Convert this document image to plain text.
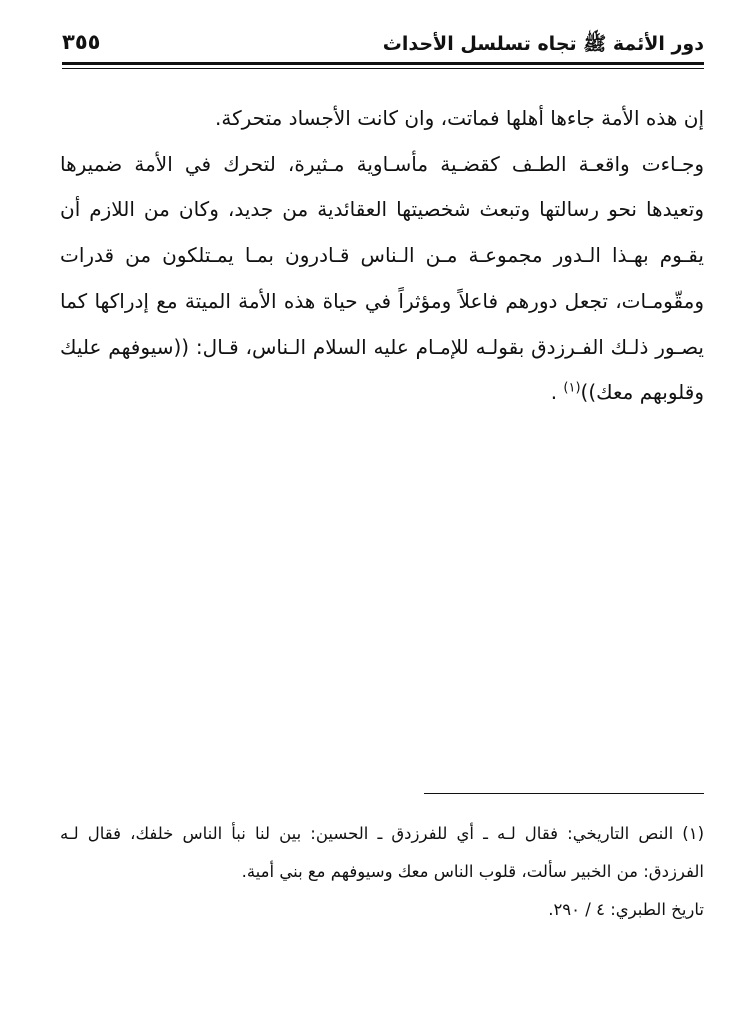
٣٥٥	دور الأئمة ﷺ تجاه تسلسل الأحداث

إن هذه الأمة جاءها أهلها فماتت، وان كانت الأجساد متحركة.

وجـاءت واقعـة الطـف كقضـية مأسـاوية مـثيرة، لتحرك في الأمة ضميرها وتعيدها نحو رسالتها وتبعث شخصيتها العقائدية من جديد، وكان من اللازم أن يقـوم بهـذا الـدور مجموعـة مـن الـناس قـادرون بمـا يمـتلكون من قدرات ومقّومـات، تجعل دورهم فاعلاً ومؤثراً في حياة هذه الأمة الميتة مع إدراكها كما يصـور ذلـك الفـرزدق بقولـه للإمـام عليه السلام الـناس، قـال: ((سيوفهم عليك وقلوبهم معك))$^{(١)}$ .

(١) النص التاريخي: فقال لـه ـ أي للفرزدق ـ الحسين: بين لنا نبأ الناس خلفك، فقال لـه الفرزدق: من الخبير سألت، قلوب الناس معك وسيوفهم مع بني أمية.

تاريخ الطبري: ٤ / ٢٩٠.
